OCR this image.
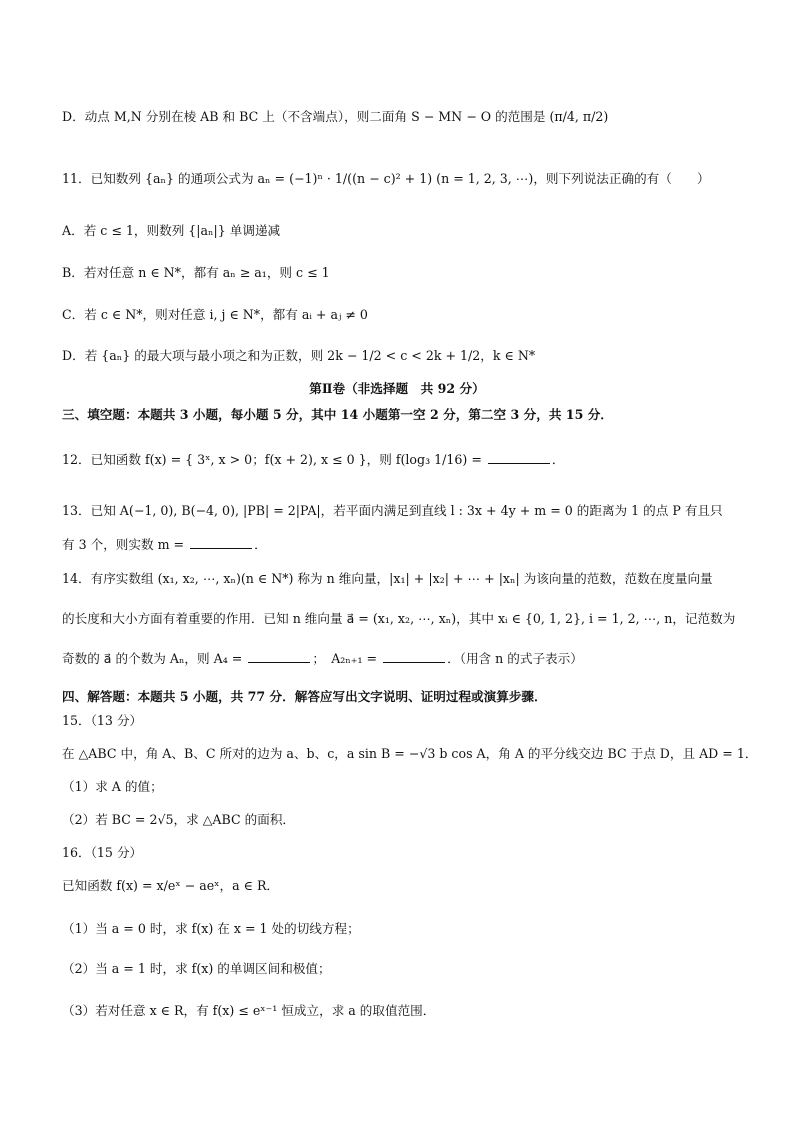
D．动点 M,N 分别在棱 AB 和 BC 上（不含端点），则二面角 S − MN − O 的范围是 (π/4, π/2)
11．已知数列 {aₙ} 的通项公式为 aₙ = (−1)ⁿ · 1/((n − c)² + 1) (n = 1, 2, 3, ⋯)，则下列说法正确的有（　　）
A．若 c ≤ 1，则数列 {|aₙ|} 单调递减
B．若对任意 n ∈ N*，都有 aₙ ≥ a₁，则 c ≤ 1
C．若 c ∈ N*，则对任意 i, j ∈ N*，都有 aᵢ + aⱼ ≠ 0
D．若 {aₙ} 的最大项与最小项之和为正数，则 2k − 1/2 < c < 2k + 1/2，k ∈ N*
第Ⅱ卷（非选择题　共 92 分）
三、填空题：本题共 3 小题，每小题 5 分，其中 14 小题第一空 2 分，第二空 3 分，共 15 分．
12．已知函数 f(x) = { 3ˣ, x > 0；f(x + 2), x ≤ 0 }，则 f(log₃ 1/16) =	．
13．已知 A(−1, 0), B(−4, 0), |PB| = 2|PA|，若平面内满足到直线 l : 3x + 4y + m = 0 的距离为 1 的点 P 有且只
有 3 个，则实数 m =	．
14．有序实数组 (x₁, x₂, ⋯, xₙ)(n ∈ N*) 称为 n 维向量，|x₁| + |x₂| + ⋯ + |xₙ| 为该向量的范数，范数在度量向量
的长度和大小方面有着重要的作用．已知 n 维向量 a⃗ = (x₁, x₂, ⋯, xₙ)，其中 xᵢ ∈ {0, 1, 2}, i = 1, 2, ⋯, n，记范数为
奇数的 a⃗ 的个数为 Aₙ，则 A₄ =	；　A₂ₙ₊₁ =	．（用含 n 的式子表示）
四、解答题：本题共 5 小题，共 77 分．解答应写出文字说明、证明过程或演算步骤．
15．（13 分）
在 △ABC 中，角 A、B、C 所对的边为 a、b、c，a sin B = −√3 b cos A，角 A 的平分线交边 BC 于点 D，且 AD = 1．
（1）求 A 的值；
（2）若 BC = 2√5，求 △ABC 的面积．
16．（15 分）
已知函数 f(x) = x/eˣ − aeˣ，a ∈ R．
（1）当 a = 0 时，求 f(x) 在 x = 1 处的切线方程；
（2）当 a = 1 时，求 f(x) 的单调区间和极值；
（3）若对任意 x ∈ R，有 f(x) ≤ eˣ⁻¹ 恒成立，求 a 的取值范围．
